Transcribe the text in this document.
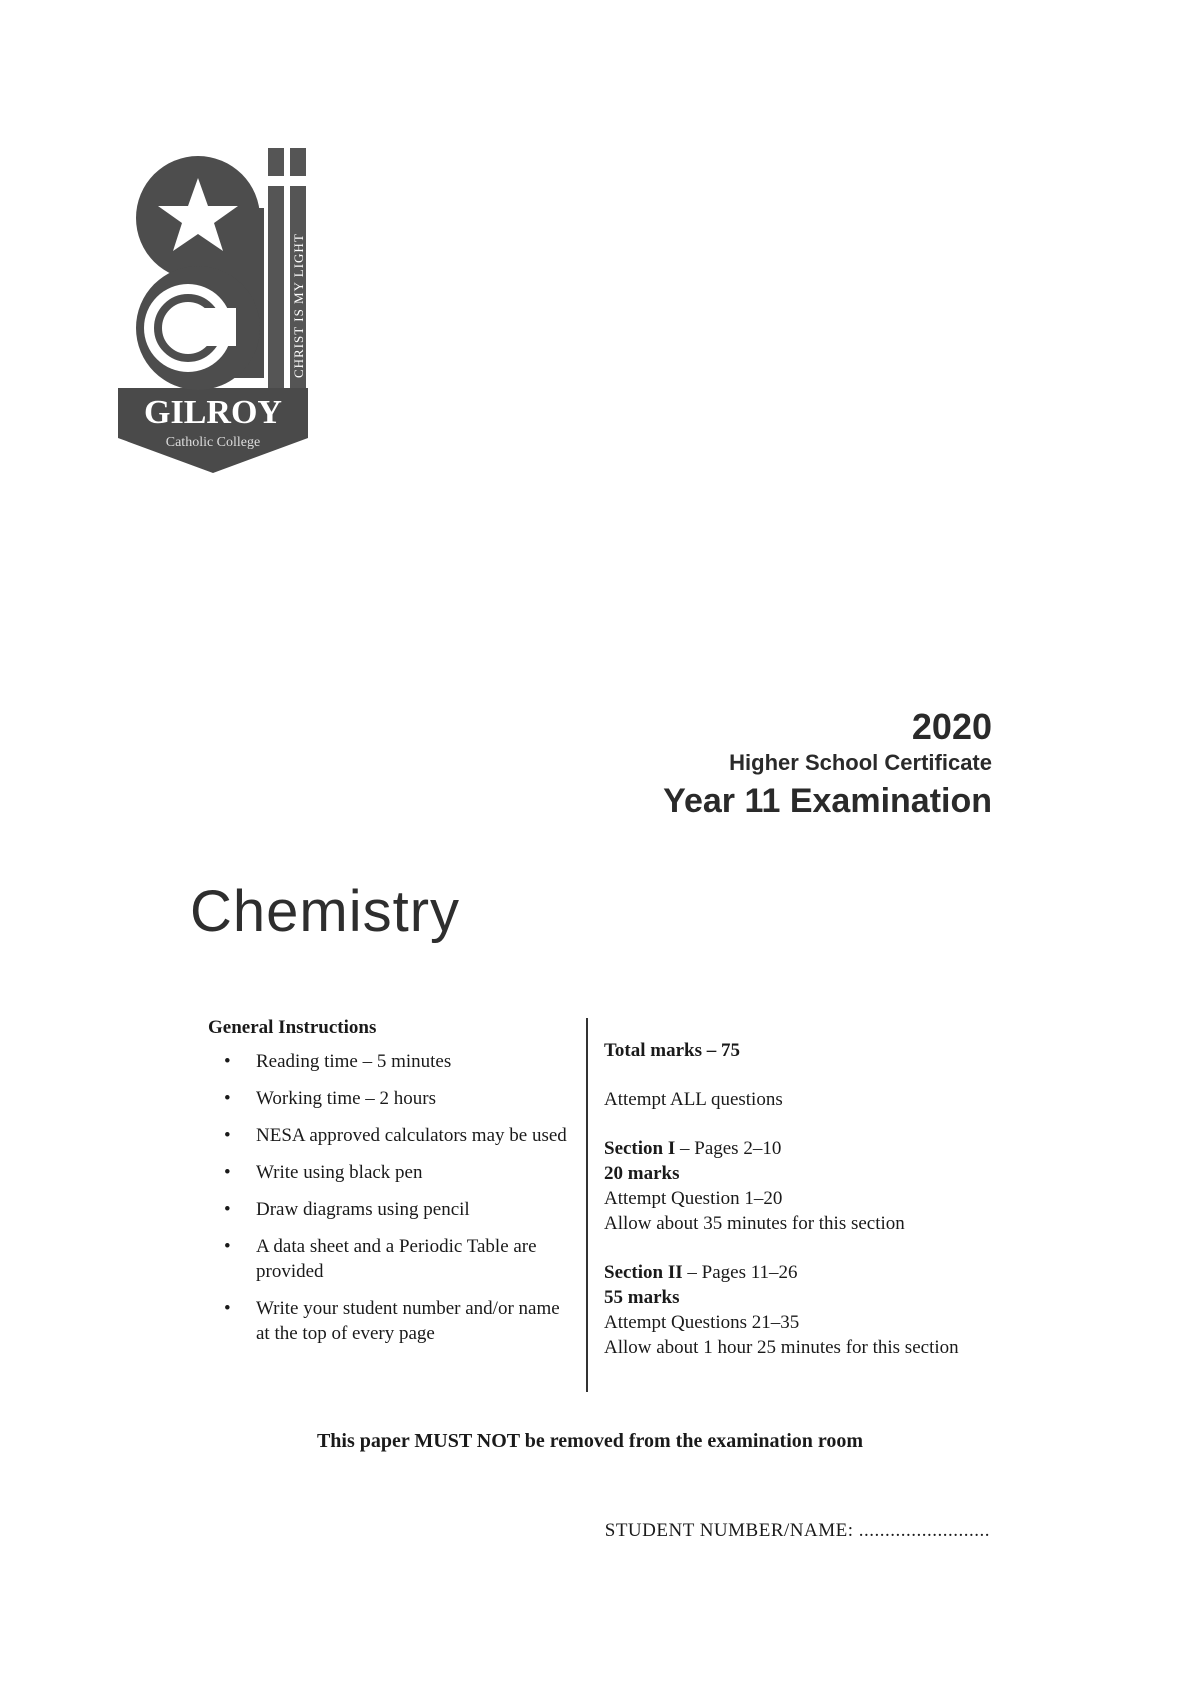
CHRIST IS MY LIGHT
GILROY
Catholic College
2020
Higher School Certificate
Year 11 Examination
Chemistry
General Instructions
• Reading time – 5 minutes
• Working time – 2 hours
• NESA approved calculators may be used
• Write using black pen
• Draw diagrams using pencil
• A data sheet and a Periodic Table are provided
• Write your student number and/or name at the top of every page

Total marks – 75

Attempt ALL questions

Section I – Pages 2–10
20 marks
Attempt Question 1–20
Allow about 35 minutes for this section
Section II – Pages 11–26
55 marks
Attempt Questions 21–35
Allow about 1 hour 25 minutes for this section
This paper MUST NOT be removed from the examination room
STUDENT NUMBER/NAME: .........................
